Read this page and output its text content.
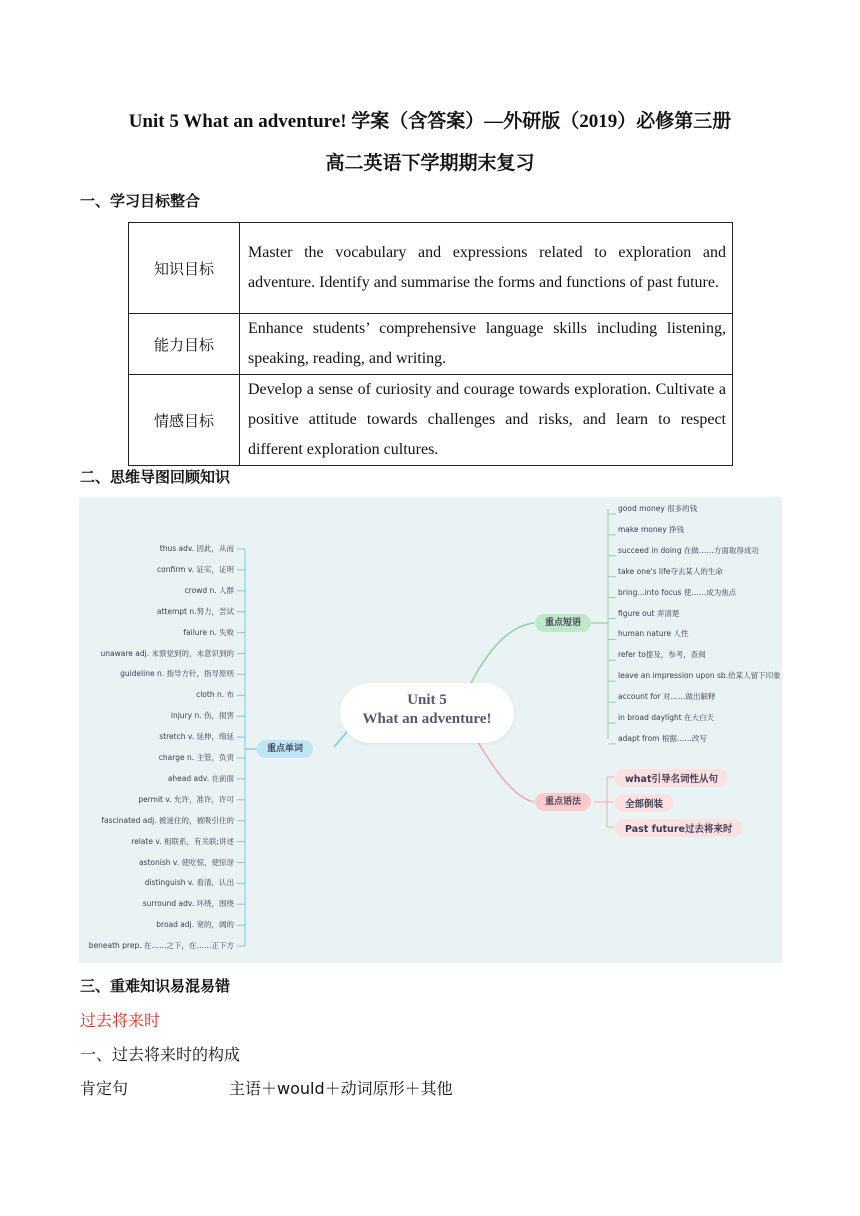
Unit 5 What an adventure! 学案（含答案）—外研版（2019）必修第三册
高二英语下学期期末复习
一、学习目标整合
知识目标	Master the vocabulary and expressions related to exploration and adventure. Identify and summarise the forms and functions of past future.
能力目标	Enhance students’ comprehensive language skills including listening, speaking, reading, and writing.
情感目标	Develop a sense of curiosity and courage towards exploration. Cultivate a positive attitude towards challenges and risks, and learn to respect different exploration cultures.
二、思维导图回顾知识
Unit 5
What an adventure!
重点单词
重点短语
重点语法
thus adv. 因此，从而
confirm v. 证实，证明
crowd n. 人群
attempt n.努力，尝试
failure n. 失败
unaware adj. 未察觉到的，未意识到的
guideline n. 指导方针，指导原则
cloth n. 布
injury n. 伤，损害
stretch v. 延伸，绵延
charge n. 主管，负责
ahead adv. 在前面
permit v. 允许，准许，许可
fascinated adj. 被迷住的，被吸引住的
relate v. 相联系，有关联;讲述
astonish v. 使吃惊，使惊讶
distinguish v. 看清，认出
surround adv. 环绕，围绕
broad adj. 宽的，阔的
beneath prep. 在……之下，在……正下方
good money 很多的钱
make money 挣钱
succeed in doing 在做……方面取得成功
take one's life夺去某人的生命
bring...into focus 使……成为焦点
figure out 弄清楚
human nature 人性
refer to提及，参考，查阅
leave an impression upon sb.给某人留下印象
account for 对……做出解释
in broad daylight 在大白天
adapt from 根据……改写
what引导名词性从句
全部倒装
Past future过去将来时
三、重难知识易混易错
过去将来时
一、过去将来时的构成
肯定句	主语＋would＋动词原形＋其他
